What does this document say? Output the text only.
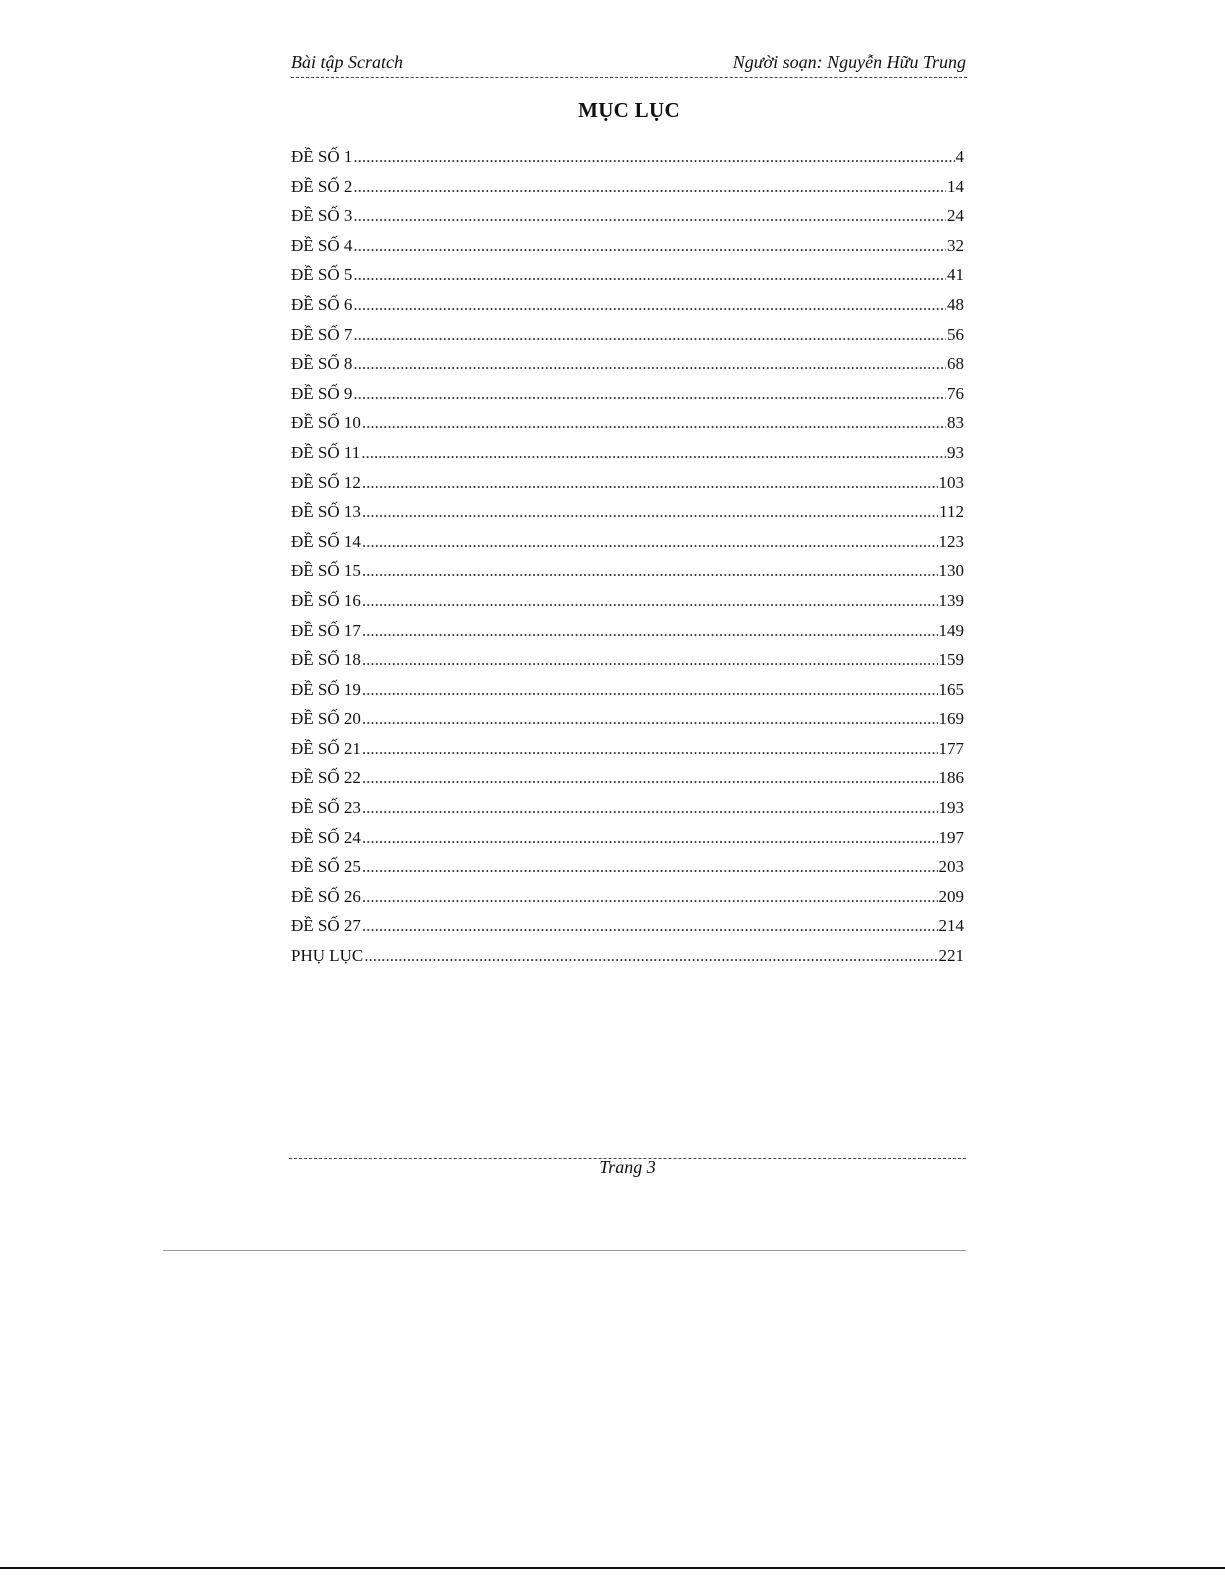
Bài tập Scratch	Người soạn: Nguyễn Hữu Trung
MỤC LỤC
ĐỀ SỐ 1 .....	4
ĐỀ SỐ 2 .....	14
ĐỀ SỐ 3 .....	24
ĐỀ SỐ 4 .....	32
ĐỀ SỐ 5 .....	41
ĐỀ SỐ 6 .....	48
ĐỀ SỐ 7 .....	56
ĐỀ SỐ 8 .....	68
ĐỀ SỐ 9 .....	76
ĐỀ SỐ 10 .....	83
ĐỀ SỐ 11 .....	93
ĐỀ SỐ 12 .....	103
ĐỀ SỐ 13 .....	112
ĐỀ SỐ 14 .....	123
ĐỀ SỐ 15 .....	130
ĐỀ SỐ 16 .....	139
ĐỀ SỐ 17 .....	149
ĐỀ SỐ 18 .....	159
ĐỀ SỐ 19 .....	165
ĐỀ SỐ 20 .....	169
ĐỀ SỐ 21 .....	177
ĐỀ SỐ 22 .....	186
ĐỀ SỐ 23 .....	193
ĐỀ SỐ 24 .....	197
ĐỀ SỐ 25 .....	203
ĐỀ SỐ 26 .....	209
ĐỀ SỐ 27 .....	214
PHỤ LỤC .....	221
Trang 3
